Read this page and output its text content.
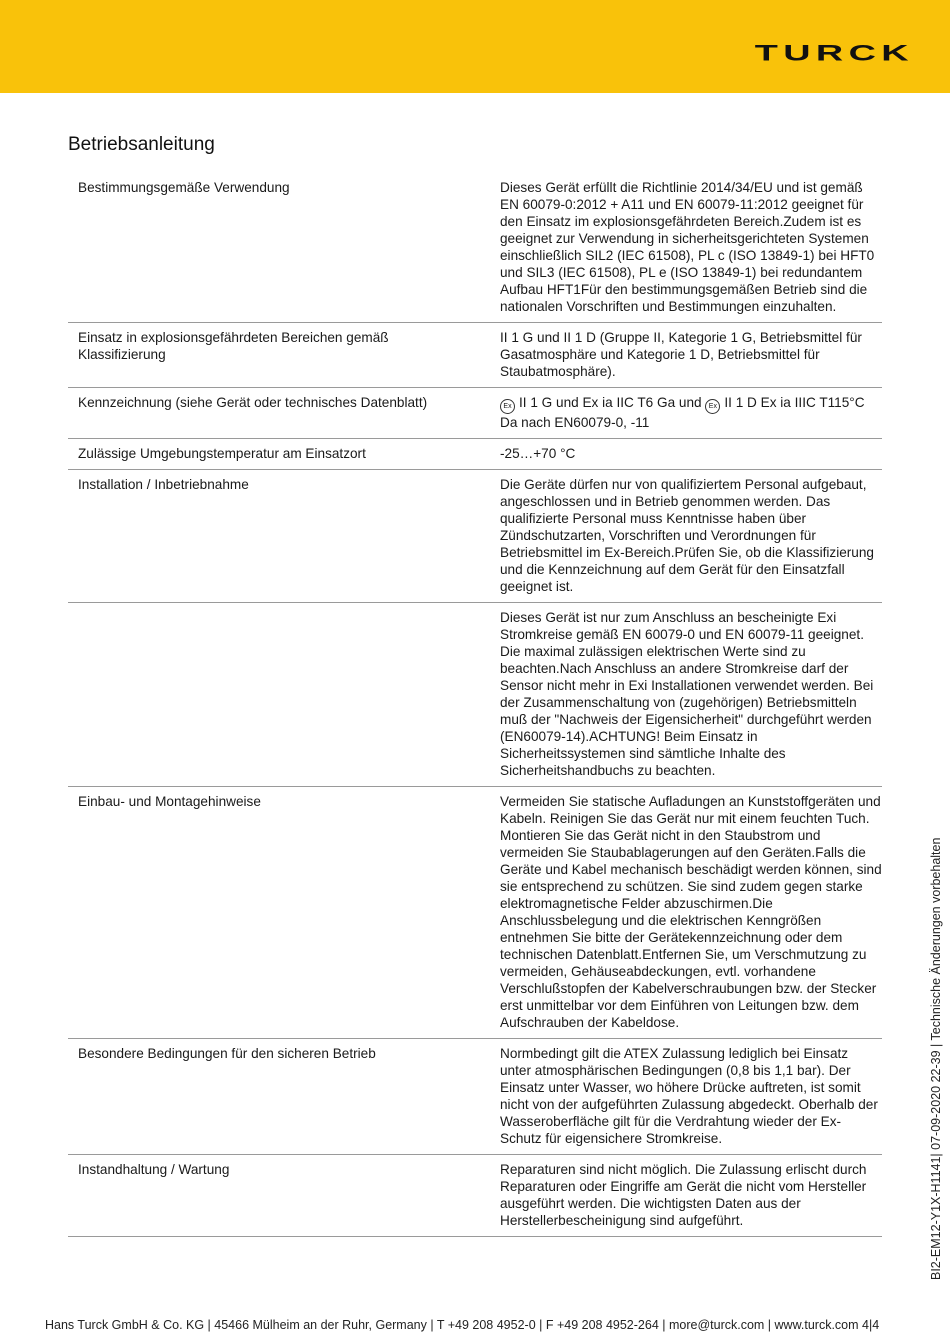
TURCK
Betriebsanleitung
Bestimmungsgemäße Verwendung	Dieses Gerät erfüllt die Richtlinie 2014/34/EU und ist gemäß EN 60079-0:2012 + A11 und EN 60079-11:2012 geeignet für den Einsatz im explosionsgefährdeten Bereich.Zudem ist es geeignet zur Verwendung in sicherheitsgerichteten Systemen einschließlich SIL2 (IEC 61508), PL c (ISO 13849-1) bei HFT0 und SIL3 (IEC 61508), PL e (ISO 13849-1) bei redundantem Aufbau HFT1Für den bestimmungsgemäßen Betrieb sind die nationalen Vorschriften und Bestimmungen einzuhalten.
Einsatz in explosionsgefährdeten Bereichen gemäß Klassifizierung	II 1 G und II 1 D (Gruppe II, Kategorie 1 G, Betriebsmittel für Gasatmosphäre und Kategorie 1 D, Betriebsmittel für Staubatmosphäre).
Kennzeichnung (siehe Gerät oder technisches Datenblatt)	Ex II 1 G und Ex ia IIC T6 Ga und Ex II 1 D Ex ia IIIC T115°C Da nach EN60079-0, -11
Zulässige Umgebungstemperatur am Einsatzort	-25…+70 °C
Installation / Inbetriebnahme	Die Geräte dürfen nur von qualifiziertem Personal aufgebaut, angeschlossen und in Betrieb genommen werden. Das qualifizierte Personal muss Kenntnisse haben über Zündschutzarten, Vorschriften und Verordnungen für Betriebsmittel im Ex-Bereich.Prüfen Sie, ob die Klassifizierung und die Kennzeichnung auf dem Gerät für den Einsatzfall geeignet ist.
	Dieses Gerät ist nur zum Anschluss an bescheinigte Exi Stromkreise gemäß EN 60079-0 und EN 60079-11 geeignet. Die maximal zulässigen elektrischen Werte sind zu beachten.Nach Anschluss an andere Stromkreise darf der Sensor nicht mehr in Exi Installationen verwendet werden. Bei der Zusammenschaltung von (zugehörigen) Betriebsmitteln muß der "Nachweis der Eigensicherheit" durchgeführt werden (EN60079-14).ACHTUNG! Beim Einsatz in Sicherheitssystemen sind sämtliche Inhalte des Sicherheitshandbuchs zu beachten.
Einbau- und Montagehinweise	Vermeiden Sie statische Aufladungen an Kunststoffgeräten und Kabeln. Reinigen Sie das Gerät nur mit einem feuchten Tuch. Montieren Sie das Gerät nicht in den Staubstrom und vermeiden Sie Staubablagerungen auf den Geräten.Falls die Geräte und Kabel mechanisch beschädigt werden können, sind sie entsprechend zu schützen. Sie sind zudem gegen starke elektromagnetische Felder abzuschirmen.Die Anschlussbelegung und die elektrischen Kenngrößen entnehmen Sie bitte der Gerätekennzeichnung oder dem technischen Datenblatt.Entfernen Sie, um Verschmutzung zu vermeiden, Gehäuseabdeckungen, evtl. vorhandene Verschlußstopfen der Kabelverschraubungen bzw. der Stecker erst unmittelbar vor dem Einführen von Leitungen bzw. dem Aufschrauben der Kabeldose.
Besondere Bedingungen für den sicheren Betrieb	Normbedingt gilt die ATEX Zulassung lediglich bei Einsatz unter atmosphärischen Bedingungen (0,8 bis 1,1 bar). Der Einsatz unter Wasser, wo höhere Drücke auftreten, ist somit nicht von der aufgeführten Zulassung abgedeckt. Oberhalb der Wasseroberfläche gilt für die Verdrahtung wieder der Ex-Schutz für eigensichere Stromkreise.
Instandhaltung / Wartung	Reparaturen sind nicht möglich. Die Zulassung erlischt durch Reparaturen oder Eingriffe am Gerät die nicht vom Hersteller ausgeführt werden. Die wichtigsten Daten aus der Herstellerbescheinigung sind aufgeführt.	BI2-EM12-Y1X-H1141| 07-09-2020 22-39 | Technische Änderungen vorbehalten
Hans Turck GmbH & Co. KG | 45466 Mülheim an der Ruhr, Germany | T +49 208 4952-0 | F +49 208 4952-264 | more@turck.com | www.turck.com 4|4
